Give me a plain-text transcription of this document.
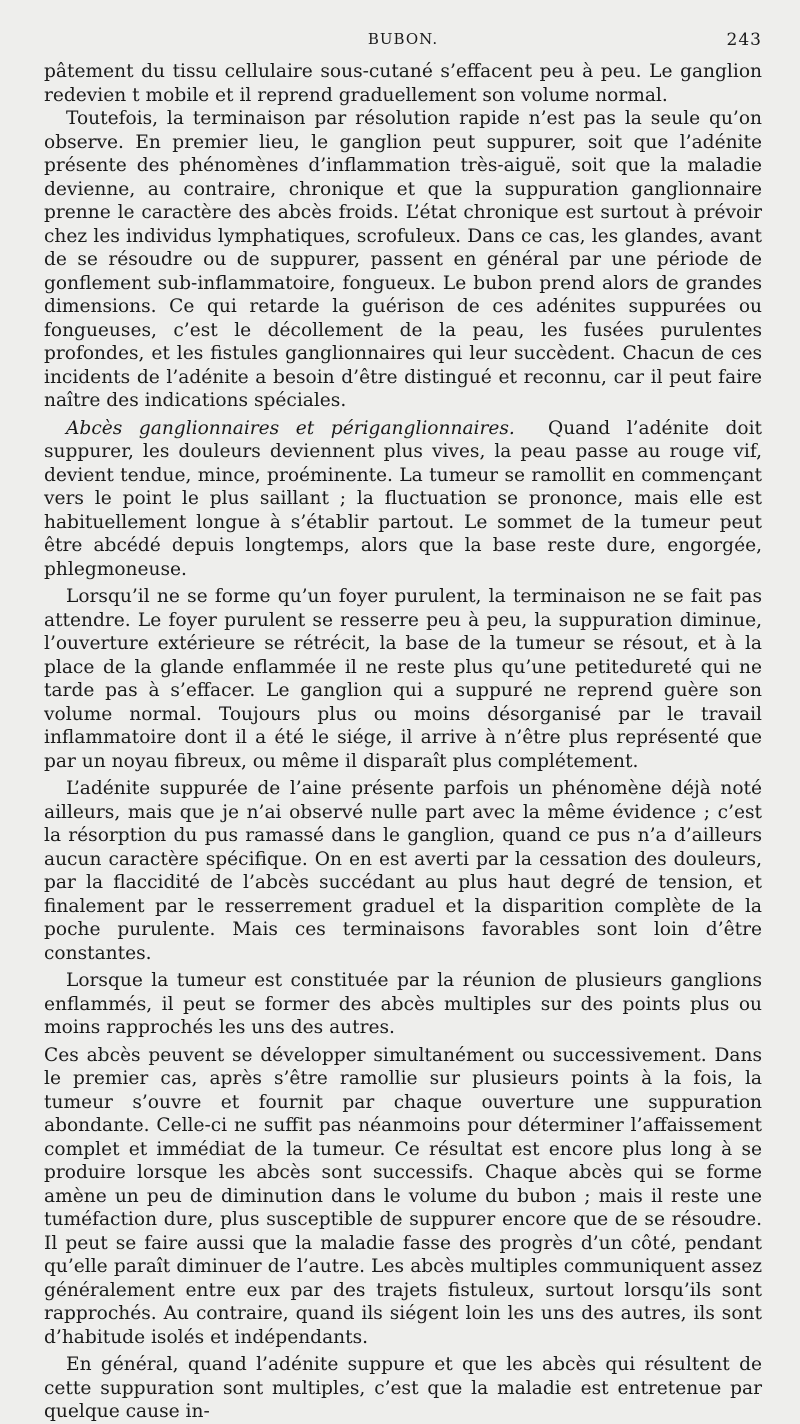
BUBON.	243

pâtement du tissu cellulaire sous-cutané s’effacent peu à peu. Le ganglion redevien t mobile et il reprend graduellement son volume normal.

Toutefois, la terminaison par résolution rapide n’est pas la seule qu’on observe. En premier lieu, le ganglion peut suppurer, soit que l’adénite présente des phénomènes d’inflammation très-aiguë, soit que la maladie devienne, au contraire, chronique et que la suppuration ganglionnaire prenne le caractère des abcès froids. L’état chronique est surtout à prévoir chez les individus lymphatiques, scrofuleux. Dans ce cas, les glandes, avant de se résoudre ou de suppurer, passent en général par une période de gonflement sub-inflammatoire, fongueux. Le bubon prend alors de grandes dimensions. Ce qui retarde la guérison de ces adénites suppurées ou fongueuses, c’est le décollement de la peau, les fusées purulentes profondes, et les fistules ganglionnaires qui leur succèdent. Chacun de ces incidents de l’adénite a besoin d’être distingué et reconnu, car il peut faire naître des indications spéciales.

Abcès ganglionnaires et périganglionnaires. Quand l’adénite doit suppurer, les douleurs deviennent plus vives, la peau passe au rouge vif, devient tendue, mince, proéminente. La tumeur se ramollit en commençant vers le point le plus saillant ; la fluctuation se prononce, mais elle est habituellement longue à s’établir partout. Le sommet de la tumeur peut être abcédé depuis longtemps, alors que la base reste dure, engorgée, phlegmoneuse.

Lorsqu’il ne se forme qu’un foyer purulent, la terminaison ne se fait pas attendre. Le foyer purulent se resserre peu à peu, la suppuration diminue, l’ouverture extérieure se rétrécit, la base de la tumeur se résout, et à la place de la glande enflammée il ne reste plus qu’une petitedureté qui ne tarde pas à s’effacer. Le ganglion qui a suppuré ne reprend guère son volume normal. Toujours plus ou moins désorganisé par le travail inflammatoire dont il a été le siége, il arrive à n’être plus représenté que par un noyau fibreux, ou même il disparaît plus complétement.

L’adénite suppurée de l’aine présente parfois un phénomène déjà noté ailleurs, mais que je n’ai observé nulle part avec la même évidence ; c’est la résorption du pus ramassé dans le ganglion, quand ce pus n’a d’ailleurs aucun caractère spécifique. On en est averti par la cessation des douleurs, par la flaccidité de l’abcès succédant au plus haut degré de tension, et finalement par le resserrement graduel et la disparition complète de la poche purulente. Mais ces terminaisons favorables sont loin d’être constantes.

Lorsque la tumeur est constituée par la réunion de plusieurs ganglions enflammés, il peut se former des abcès multiples sur des points plus ou moins rapprochés les uns des autres.

Ces abcès peuvent se développer simultanément ou successivement. Dans le premier cas, après s’être ramollie sur plusieurs points à la fois, la tumeur s’ouvre et fournit par chaque ouverture une suppuration abondante. Celle-ci ne suffit pas néanmoins pour déterminer l’affaissement complet et immédiat de la tumeur. Ce résultat est encore plus long à se produire lorsque les abcès sont successifs. Chaque abcès qui se forme amène un peu de diminution dans le volume du bubon ; mais il reste une tuméfaction dure, plus susceptible de suppurer encore que de se résoudre. Il peut se faire aussi que la maladie fasse des progrès d’un côté, pendant qu’elle paraît diminuer de l’autre. Les abcès multiples communiquent assez généralement entre eux par des trajets fistuleux, surtout lorsqu’ils sont rapprochés. Au contraire, quand ils siégent loin les uns des autres, ils sont d’habitude isolés et indépendants.

En général, quand l’adénite suppure et que les abcès qui résultent de cette suppuration sont multiples, c’est que la maladie est entretenue par quelque cause in-
